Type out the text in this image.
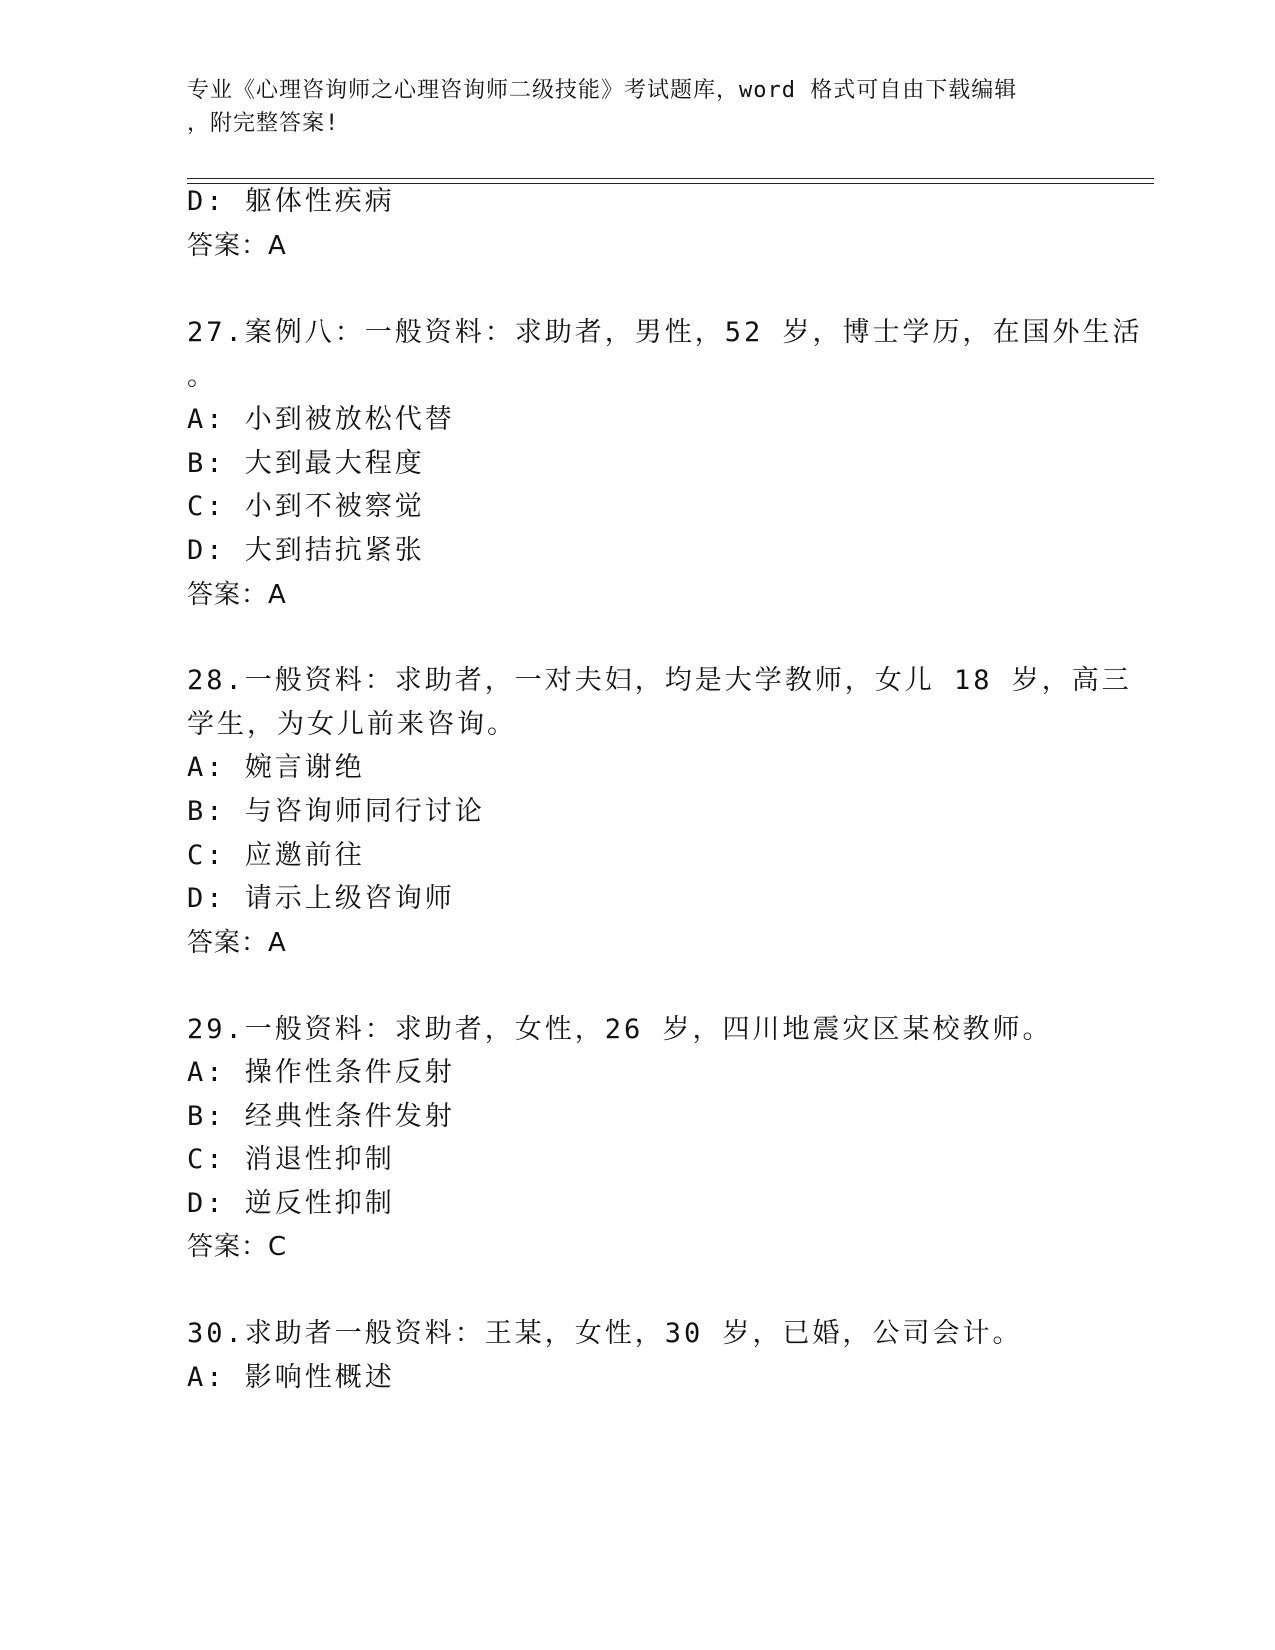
专业《心理咨询师之心理咨询师二级技能》考试题库，word 格式可自由下载编辑
，附完整答案!
D: 躯体性疾病
答案：A
27.案例八：一般资料：求助者，男性，52 岁，博士学历，在国外生活
。
A: 小到被放松代替
B: 大到最大程度
C: 小到不被察觉
D: 大到拮抗紧张
答案：A
28.一般资料：求助者，一对夫妇，均是大学教师，女儿 18 岁，高三
学生，为女儿前来咨询。
A: 婉言谢绝
B: 与咨询师同行讨论
C: 应邀前往
D: 请示上级咨询师
答案：A
29.一般资料：求助者，女性，26 岁，四川地震灾区某校教师。
A: 操作性条件反射
B: 经典性条件发射
C: 消退性抑制
D: 逆反性抑制
答案：C
30.求助者一般资料：王某，女性，30 岁，已婚，公司会计。
A: 影响性概述
